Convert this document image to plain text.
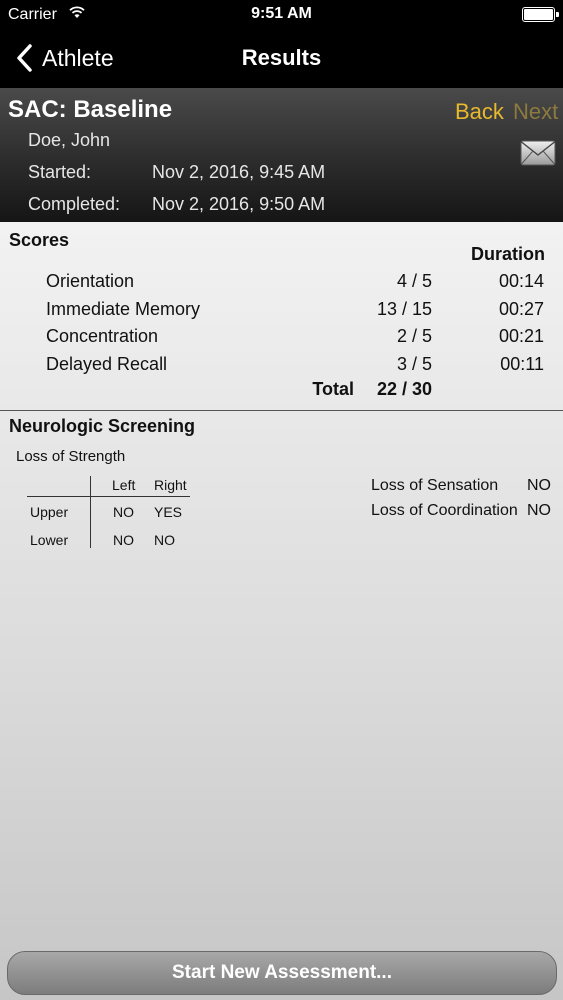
Carrier	9:51 AM
Athlete	Results
SAC: Baseline
Doe, John
Started:	Nov 2, 2016, 9:45 AM
Completed: Nov 2, 2016, 9:50 AM
Back Next
Scores
Duration
Orientation	4 / 5	00:14
Immediate Memory	13 / 15	00:27
Concentration	2 / 5	00:21
Delayed Recall	3 / 5	00:11
Total 22 / 30
Neurologic Screening
Loss of Strength
Left Right
Upper	NO YES
Lower	NO NO
Loss of Sensation NO
Loss of Coordination NO
Start New Assessment...
